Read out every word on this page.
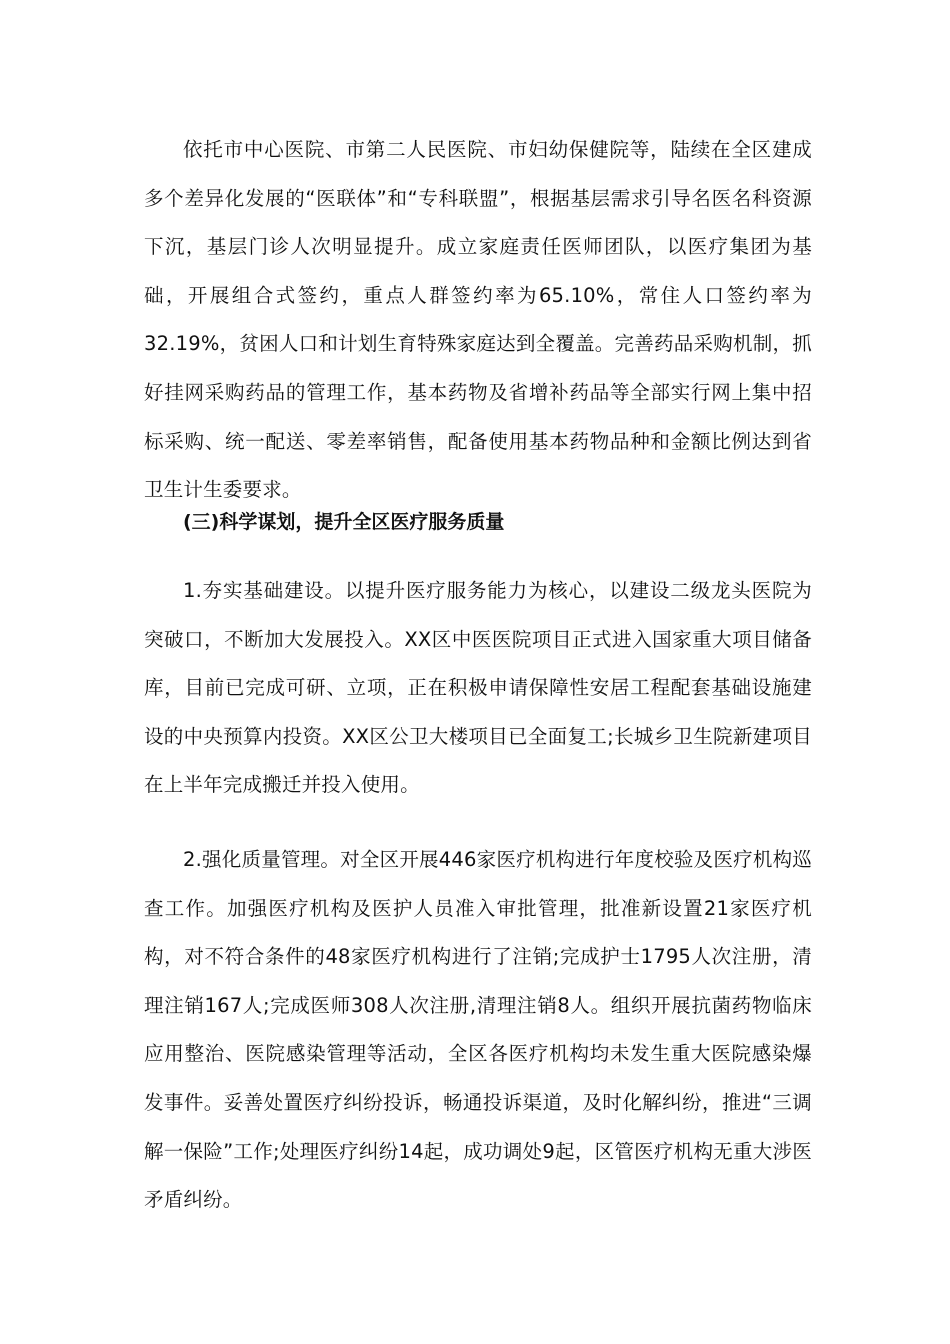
依托市中心医院、市第二人民医院、市妇幼保健院等，陆续在全区建成多个差异化发展的“医联体”和“专科联盟”，根据基层需求引导名医名科资源下沉，基层门诊人次明显提升。成立家庭责任医师团队，以医疗集团为基础，开展组合式签约，重点人群签约率为65.10%，常住人口签约率为32.19%，贫困人口和计划生育特殊家庭达到全覆盖。完善药品采购机制，抓好挂网采购药品的管理工作，基本药物及省增补药品等全部实行网上集中招标采购、统一配送、零差率销售，配备使用基本药物品种和金额比例达到省卫生计生委要求。

(三)科学谋划，提升全区医疗服务质量

1.夯实基础建设。以提升医疗服务能力为核心，以建设二级龙头医院为突破口，不断加大发展投入。XX区中医医院项目正式进入国家重大项目储备库，目前已完成可研、立项，正在积极申请保障性安居工程配套基础设施建设的中央预算内投资。XX区公卫大楼项目已全面复工;长城乡卫生院新建项目在上半年完成搬迁并投入使用。

2.强化质量管理。对全区开展446家医疗机构进行年度校验及医疗机构巡查工作。加强医疗机构及医护人员准入审批管理，批准新设置21家医疗机构，对不符合条件的48家医疗机构进行了注销;完成护士1795人次注册，清理注销167人;完成医师308人次注册,清理注销8人。组织开展抗菌药物临床应用整治、医院感染管理等活动，全区各医疗机构均未发生重大医院感染爆发事件。妥善处置医疗纠纷投诉，畅通投诉渠道，及时化解纠纷，推进“三调解一保险”工作;处理医疗纠纷14起，成功调处9起，区管医疗机构无重大涉医矛盾纠纷。
